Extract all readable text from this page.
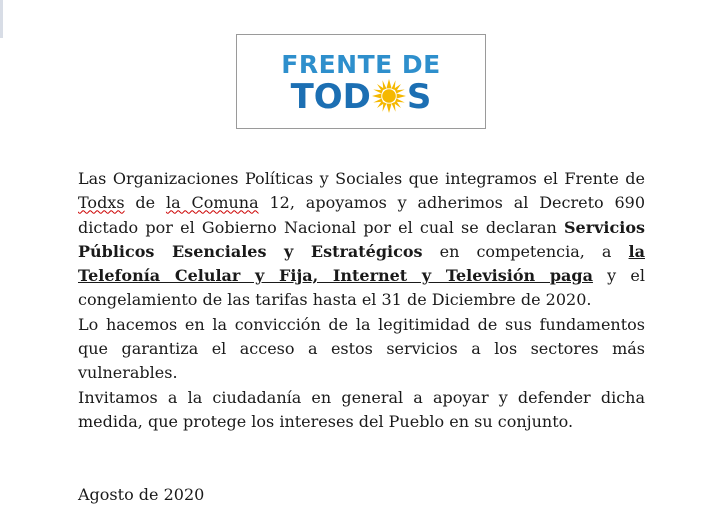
FRENTE DE
TOD S

Las Organizaciones Políticas y Sociales que integramos el Frente de Todxs de la Comuna 12, apoyamos y adherimos al Decreto 690 dictado por el Gobierno Nacional por el cual se declaran Servicios Públicos Esenciales y Estratégicos en competencia, a la Telefonía Celular y Fija, Internet y Televisión paga y el congelamiento de las tarifas hasta el 31 de Diciembre de 2020.

Lo hacemos en la convicción de la legitimidad de sus fundamentos que garantiza el acceso a estos servicios a los sectores más vulnerables.

Invitamos a la ciudadanía en general a apoyar y defender dicha medida, que protege los intereses del Pueblo en su conjunto.

Agosto de 2020
